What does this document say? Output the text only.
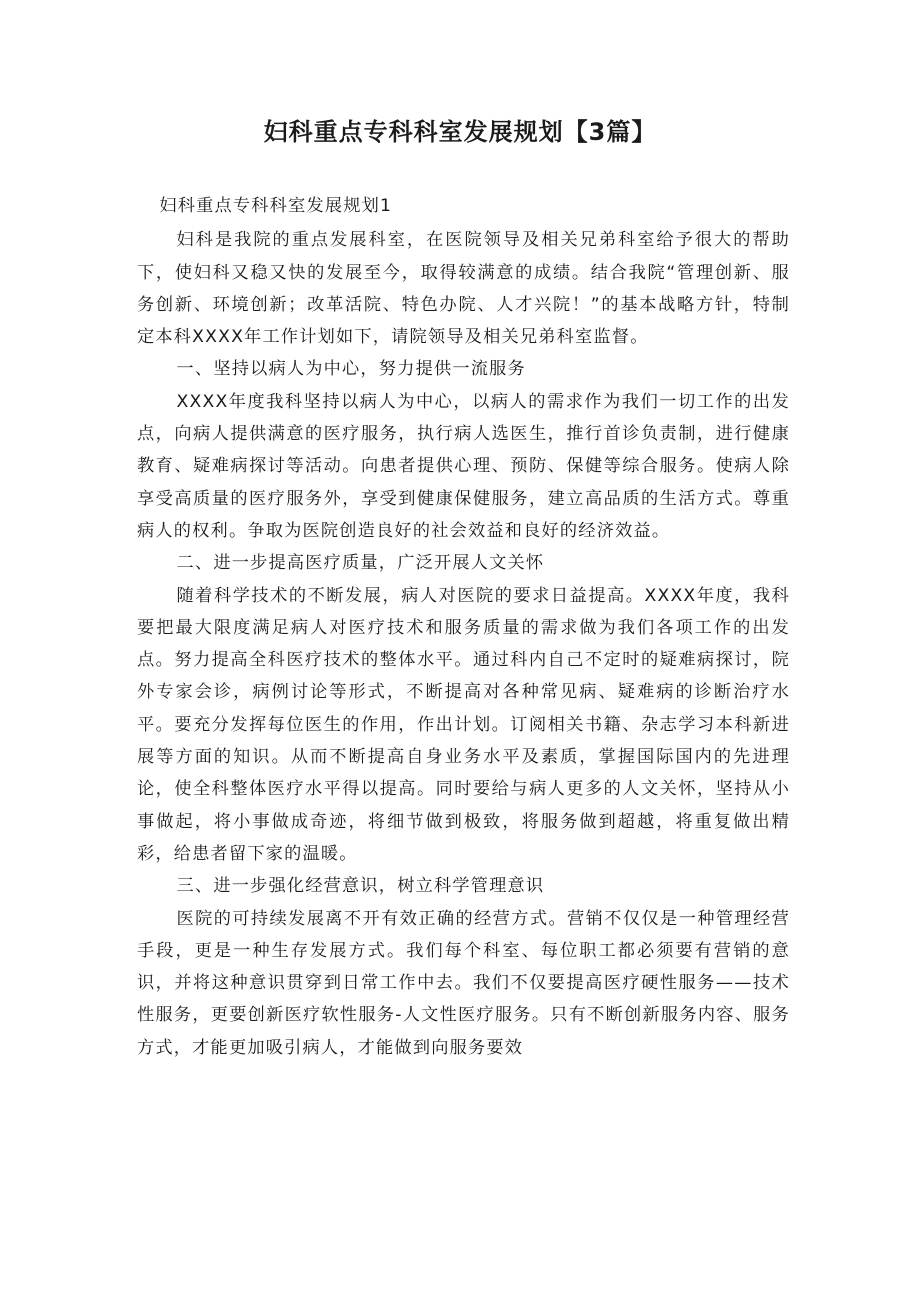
妇科重点专科科室发展规划【3篇】

妇科重点专科科室发展规划1

妇科是我院的重点发展科室，在医院领导及相关兄弟科室给予很大的帮助下，使妇科又稳又快的发展至今，取得较满意的成绩。结合我院“管理创新、服务创新、环境创新；改革活院、特色办院、人才兴院！”的基本战略方针，特制定本科XXXX年工作计划如下，请院领导及相关兄弟科室监督。

一、坚持以病人为中心，努力提供一流服务

XXXX年度我科坚持以病人为中心，以病人的需求作为我们一切工作的出发点，向病人提供满意的医疗服务，执行病人选医生，推行首诊负责制，进行健康教育、疑难病探讨等活动。向患者提供心理、预防、保健等综合服务。使病人除享受高质量的医疗服务外，享受到健康保健服务，建立高品质的生活方式。尊重病人的权利。争取为医院创造良好的社会效益和良好的经济效益。

二、进一步提高医疗质量，广泛开展人文关怀

随着科学技术的不断发展，病人对医院的要求日益提高。XXXX年度，我科要把最大限度满足病人对医疗技术和服务质量的需求做为我们各项工作的出发点。努力提高全科医疗技术的整体水平。通过科内自己不定时的疑难病探讨，院外专家会诊，病例讨论等形式，不断提高对各种常见病、疑难病的诊断治疗水平。要充分发挥每位医生的作用，作出计划。订阅相关书籍、杂志学习本科新进展等方面的知识。从而不断提高自身业务水平及素质，掌握国际国内的先进理论，使全科整体医疗水平得以提高。同时要给与病人更多的人文关怀，坚持从小事做起，将小事做成奇迹，将细节做到极致，将服务做到超越，将重复做出精彩，给患者留下家的温暖。

三、进一步强化经营意识，树立科学管理意识

医院的可持续发展离不开有效正确的经营方式。营销不仅仅是一种管理经营手段，更是一种生存发展方式。我们每个科室、每位职工都必须要有营销的意识，并将这种意识贯穿到日常工作中去。我们不仅要提高医疗硬性服务——技术性服务，更要创新医疗软性服务-人文性医疗服务。只有不断创新服务内容、服务方式，才能更加吸引病人，才能做到向服务要效
